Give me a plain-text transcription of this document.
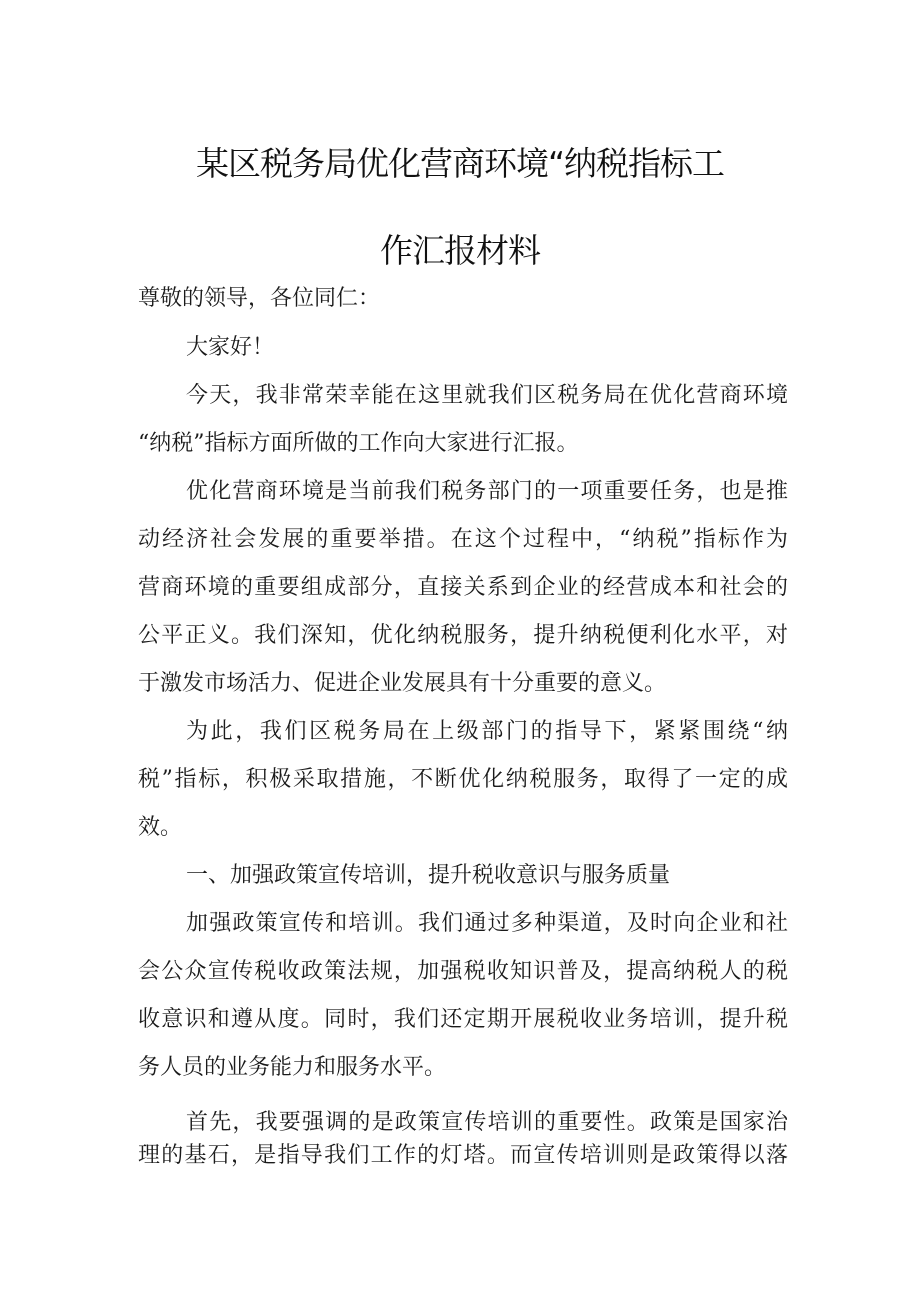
某区税务局优化营商环境“纳税指标工
作汇报材料

尊敬的领导，各位同仁：

大家好！

今天，我非常荣幸能在这里就我们区税务局在优化营商环境

“纳税”指标方面所做的工作向大家进行汇报。

优化营商环境是当前我们税务部门的一项重要任务，也是推

动经济社会发展的重要举措。在这个过程中，“纳税”指标作为

营商环境的重要组成部分，直接关系到企业的经营成本和社会的

公平正义。我们深知，优化纳税服务，提升纳税便利化水平，对

于激发市场活力、促进企业发展具有十分重要的意义。

为此，我们区税务局在上级部门的指导下，紧紧围绕“纳

税”指标，积极采取措施，不断优化纳税服务，取得了一定的成

效。

一、加强政策宣传培训，提升税收意识与服务质量

加强政策宣传和培训。我们通过多种渠道，及时向企业和社

会公众宣传税收政策法规，加强税收知识普及，提高纳税人的税

收意识和遵从度。同时，我们还定期开展税收业务培训，提升税

务人员的业务能力和服务水平。

首先，我要强调的是政策宣传培训的重要性。政策是国家治

理的基石，是指导我们工作的灯塔。而宣传培训则是政策得以落
